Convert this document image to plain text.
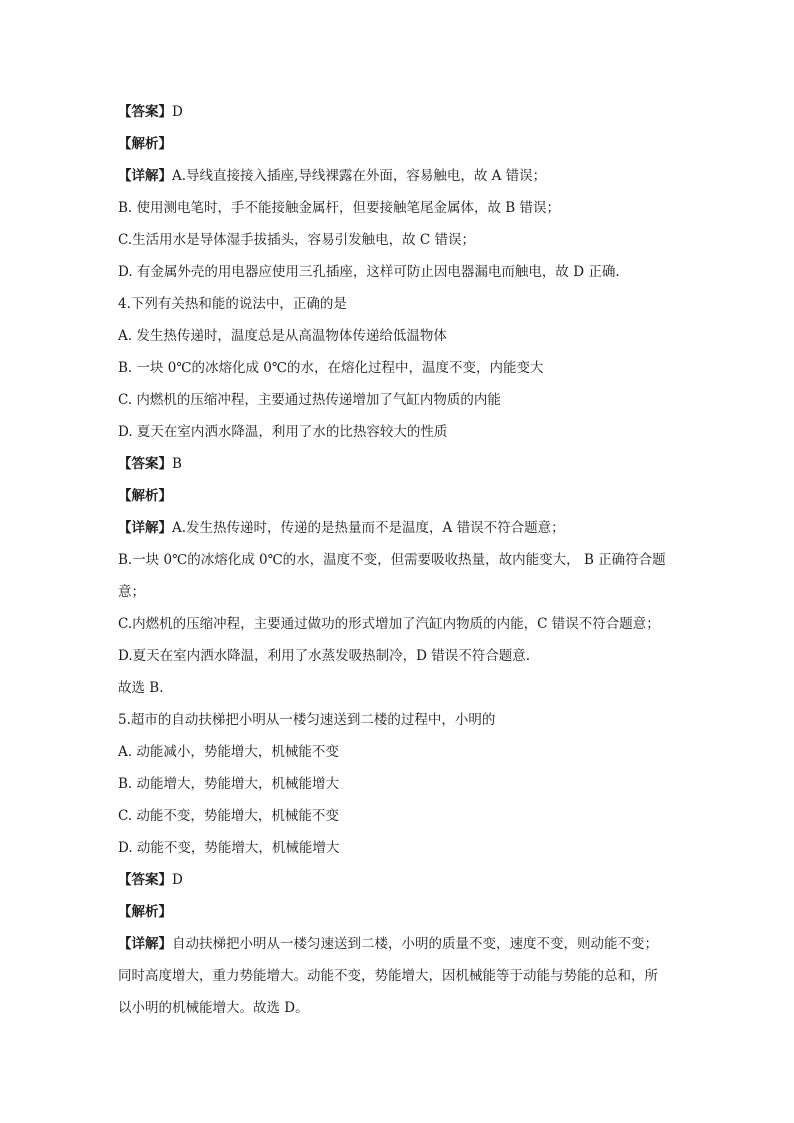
【答案】D
【解析】
【详解】A.导线直接接入插座,导线裸露在外面，容易触电，故 A 错误；
B. 使用测电笔时，手不能接触金属杆，但要接触笔尾金属体，故 B 错误；
C.生活用水是导体湿手拔插头，容易引发触电，故 C 错误；
D. 有金属外壳的用电器应使用三孔插座，这样可防止因电器漏电而触电，故 D 正确.
4.下列有关热和能的说法中，正确的是
A. 发生热传递时，温度总是从高温物体传递给低温物体
B. 一块 0℃的冰熔化成 0℃的水，在熔化过程中，温度不变，内能变大
C. 内燃机的压缩冲程，主要通过热传递增加了气缸内物质的内能
D. 夏天在室内洒水降温，利用了水的比热容较大的性质
【答案】B
【解析】
【详解】A.发生热传递时，传递的是热量而不是温度，A 错误不符合题意；
B.一块 0℃的冰熔化成 0℃的水，温度不变，但需要吸收热量，故内能变大， B 正确符合题
意；
C.内燃机的压缩冲程，主要通过做功的形式增加了汽缸内物质的内能，C 错误不符合题意；
D.夏天在室内洒水降温，利用了水蒸发吸热制冷，D 错误不符合题意.
故选 B.
5.超市的自动扶梯把小明从一楼匀速送到二楼的过程中，小明的
A. 动能减小，势能增大，机械能不变
B. 动能增大，势能增大，机械能增大
C. 动能不变，势能增大，机械能不变
D. 动能不变，势能增大，机械能增大
【答案】D
【解析】
【详解】自动扶梯把小明从一楼匀速送到二楼，小明的质量不变，速度不变，则动能不变；
同时高度增大，重力势能增大。动能不变，势能增大，因机械能等于动能与势能的总和，所
以小明的机械能增大。故选 D。
